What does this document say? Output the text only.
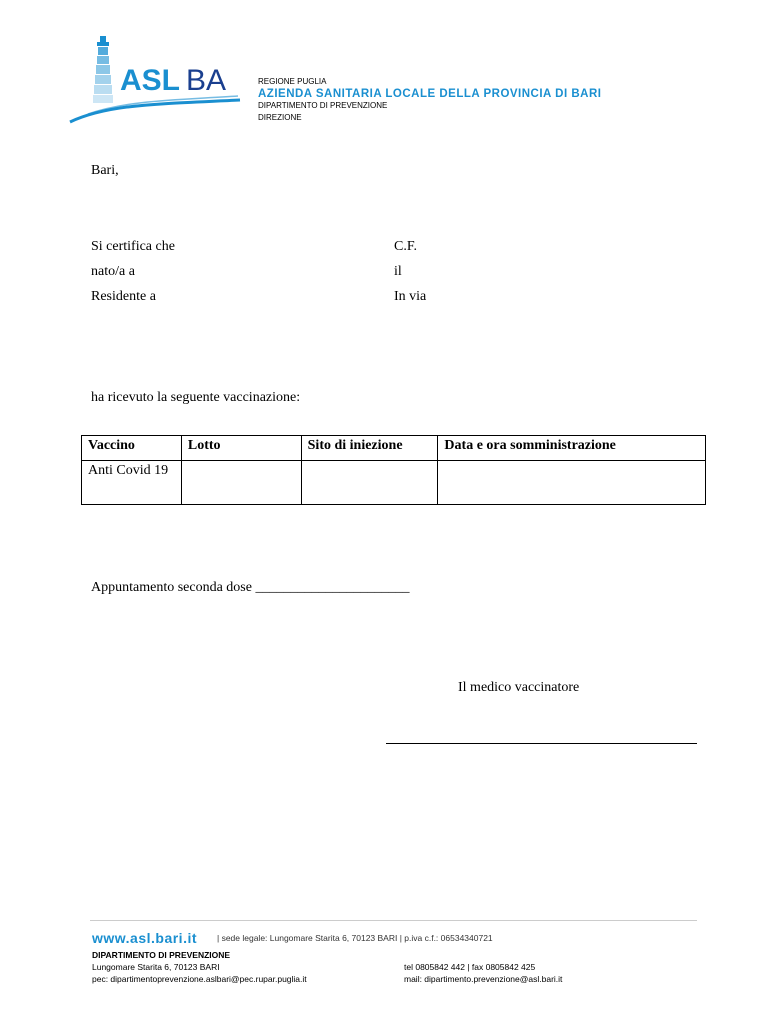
ASL BA	REGIONE PUGLIA
AZIENDA SANITARIA LOCALE DELLA PROVINCIA DI BARI
DIPARTIMENTO DI PREVENZIONE
DIREZIONE
Bari,
Si certifica che	C.F.
nato/a a	il
Residente a	In via
ha ricevuto la seguente vaccinazione:
Vaccino	Lotto	Sito di iniezione	Data e ora somministrazione
Anti Covid 19			
Appuntamento seconda dose ______________________
Il medico vaccinatore
www.asl.bari.it | sede legale: Lungomare Starita 6, 70123 BARI | p.iva c.f.: 06534340721
DIPARTIMENTO DI PREVENZIONE
Lungomare Starita 6, 70123 BARI
pec: dipartimentoprevenzione.aslbari@pec.rupar.puglia.it
tel 0805842 442 | fax 0805842 425
mail: dipartimento.prevenzione@asl.bari.it
